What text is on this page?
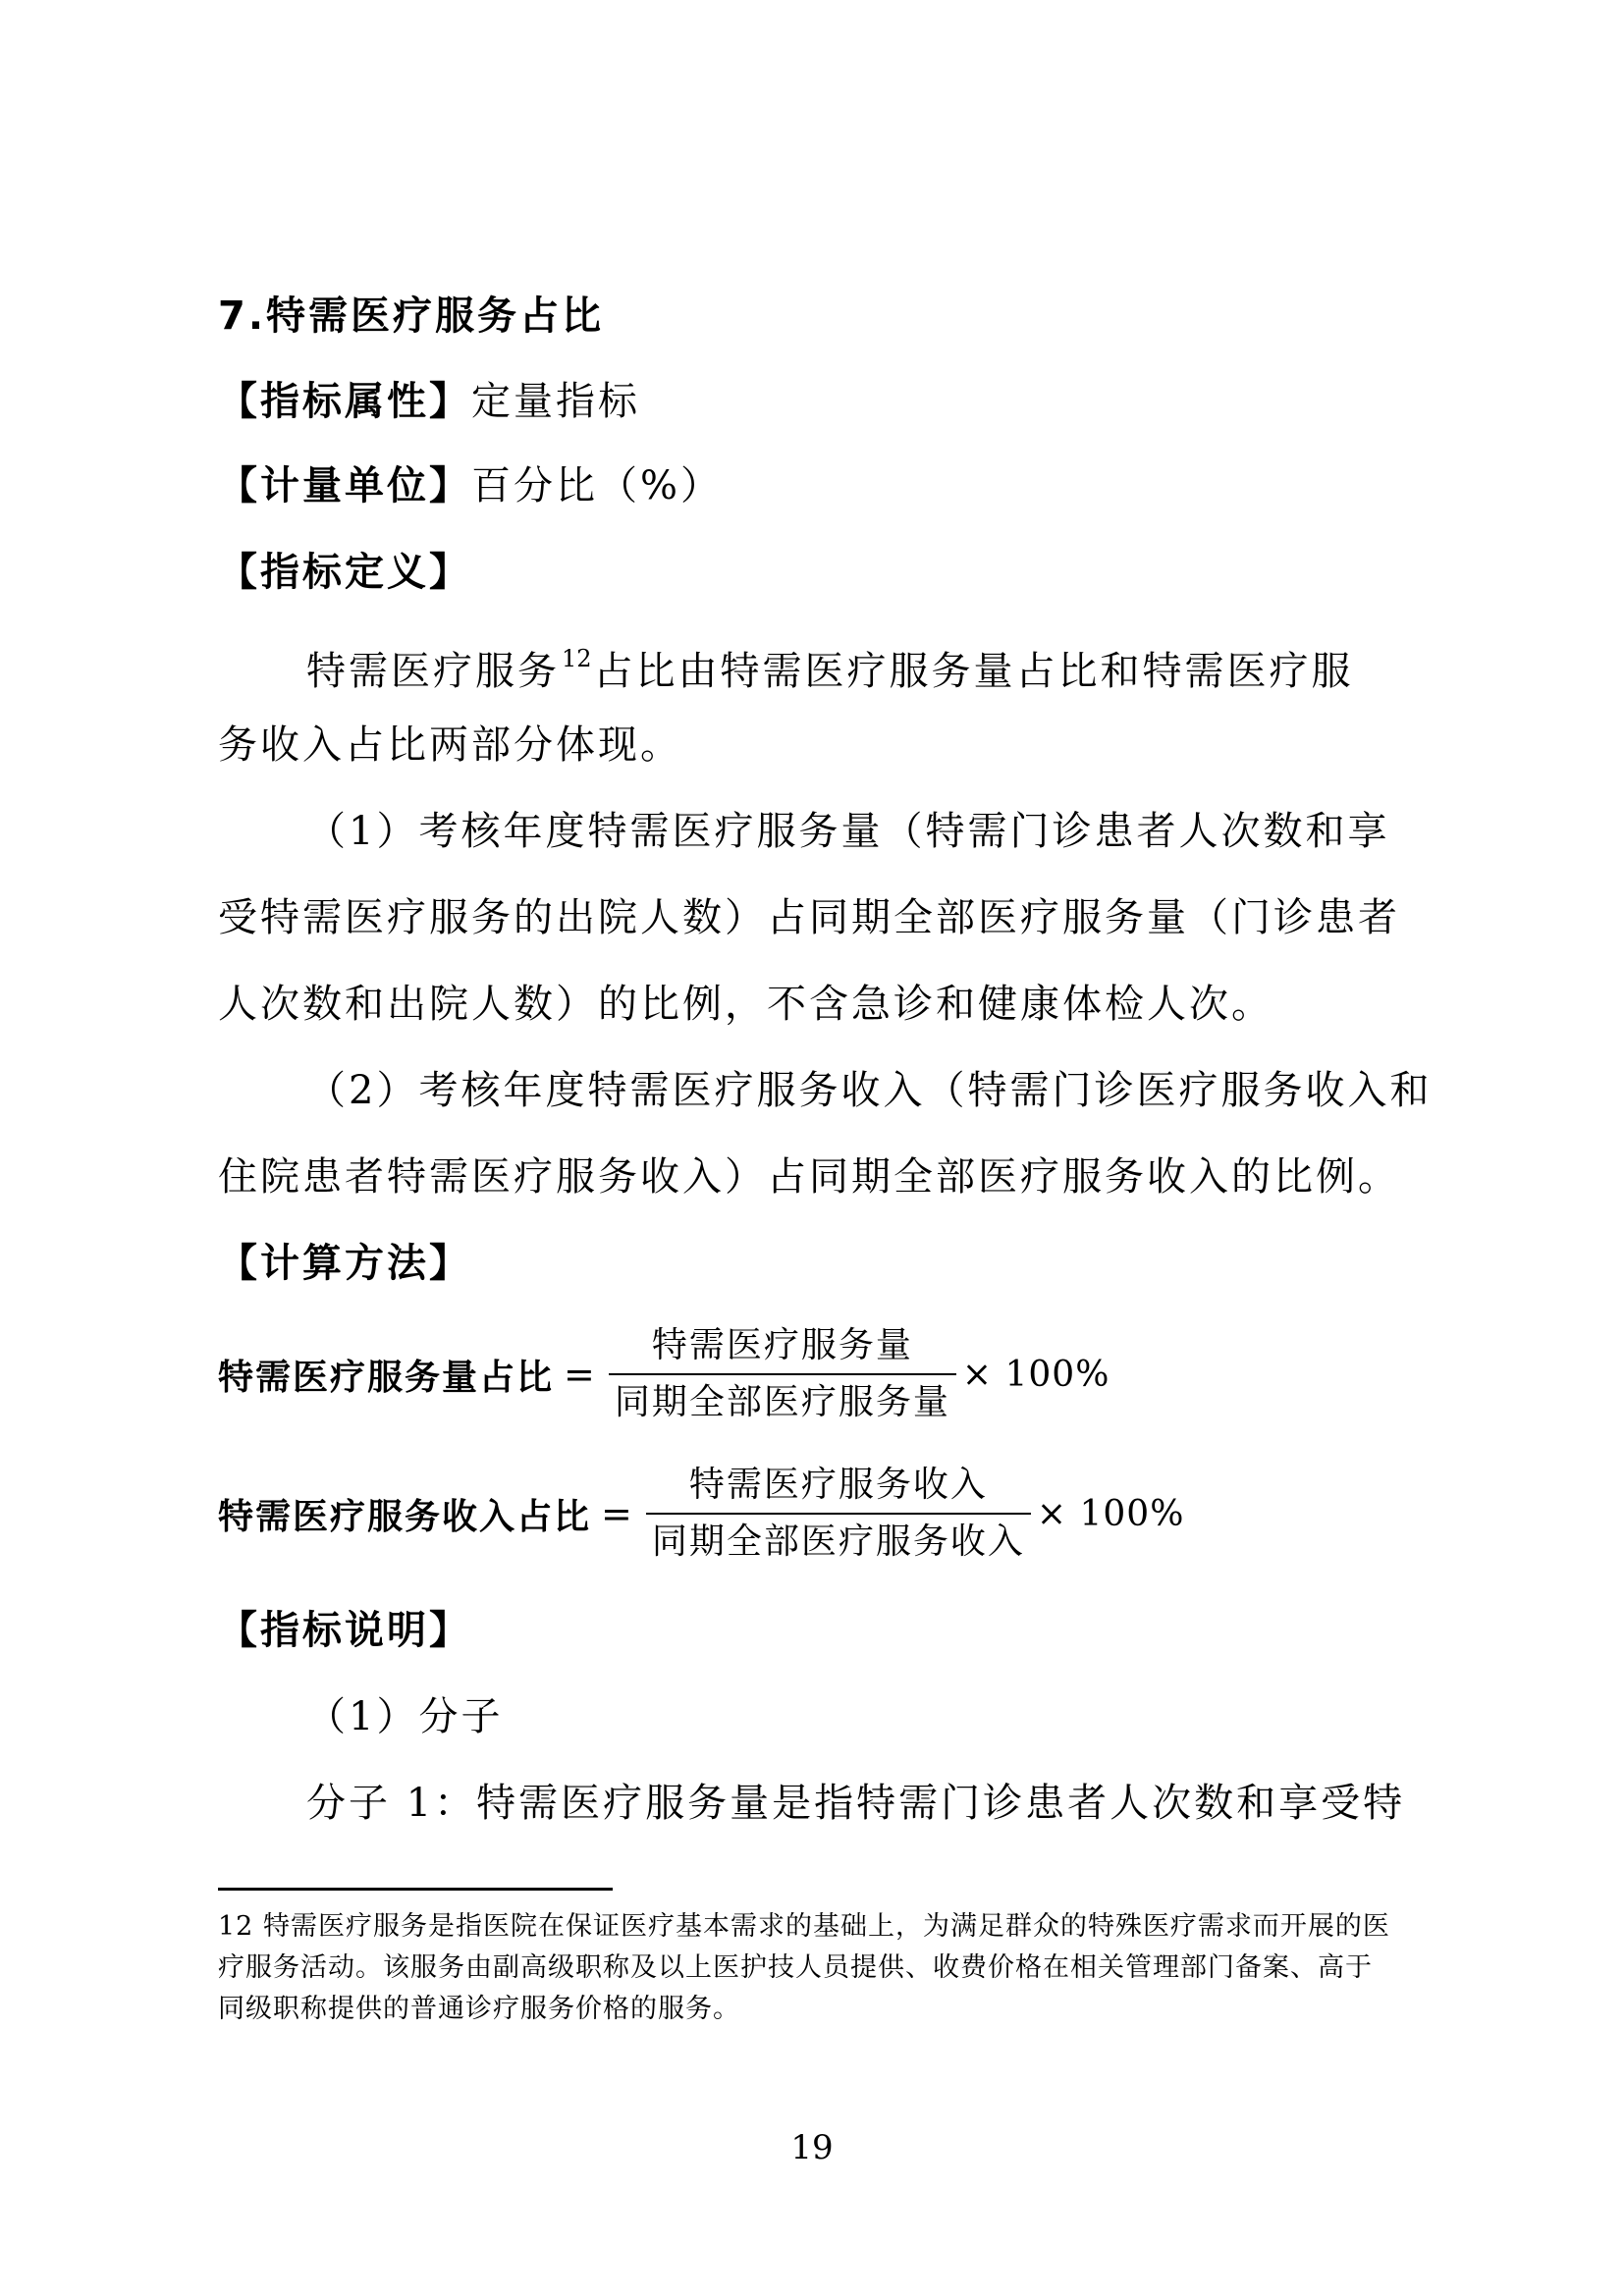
7.特需医疗服务占比
【指标属性】定量指标
【计量单位】百分比（%）
【指标定义】
特需医疗服务$^{12}$占比由特需医疗服务量占比和特需医疗服
务收入占比两部分体现。
（1）考核年度特需医疗服务量（特需门诊患者人次数和享
受特需医疗服务的出院人数）占同期全部医疗服务量（门诊患者
人次数和出院人数）的比例，不含急诊和健康体检人次。
（2）考核年度特需医疗服务收入（特需门诊医疗服务收入和
住院患者特需医疗服务收入）占同期全部医疗服务收入的比例。
【计算方法】
特需医疗服务量占比 = $\frac{\text{特需医疗服务量}}{\text{同期全部医疗服务量}} \times 100\%$
特需医疗服务收入占比 = $\frac{\text{特需医疗服务收入}}{\text{同期全部医疗服务收入}} \times 100\%$
【指标说明】
（1）分子
分子 1：特需医疗服务量是指特需门诊患者人次数和享受特
12 特需医疗服务是指医院在保证医疗基本需求的基础上，为满足群众的特殊医疗需求而开展的医
疗服务活动。该服务由副高级职称及以上医护技人员提供、收费价格在相关管理部门备案、高于
同级职称提供的普通诊疗服务价格的服务。
19
